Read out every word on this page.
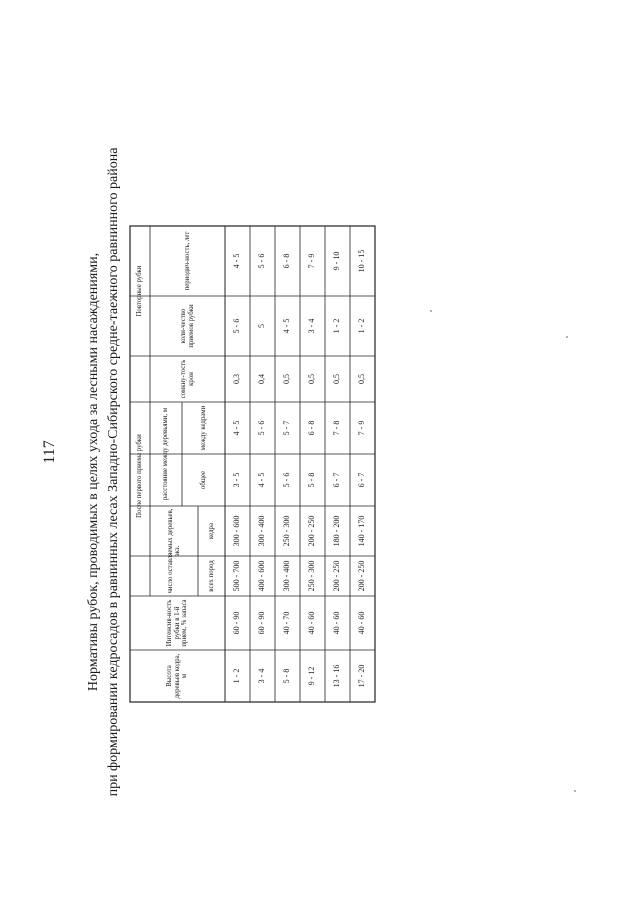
117 Нормативы рубок, проводимых в целях ухода за лесными насаждениями, при формировании кедросадов в равнинных лесах Западно-Сибирского средне-таежного равнинного района	Высота деревьев кедра, м
Интенсив-ность рубки в 1-й прием, % запаса
После первого приема рубки
число оставляемых деревьев, экз.
всех пород
кедра
расстояние между деревьями, м	общее
между кедрами
сомкну-тость крон
Повторные рубки
коли-чество приемов рубки
периодич-ность, лет
1 - 2
60 - 90
500 - 700
300 - 600
3 - 5
4 - 5
0,3
5 - 6
4 - 5
3 - 4
60 - 90
400 - 600
300 - 400
4 - 5
5 - 6
0,4
5
5 - 6
5 - 8
40 - 70
300 - 400
250 - 300
5 - 6
5 - 7
0,5
4 - 5
6 - 8
9 - 12
40 - 60
250 - 300
200 - 250
5 - 8
6 - 8
0,5
3 - 4
7 - 9
13 - 16
40 - 60
200 - 250
180 - 200
6 - 7
7 - 8
0,5
1 - 2
9 - 10
17 - 20
40 - 60
200 - 250
140 - 170
6 - 7
7 - 9
0,5
1 - 2
10 - 15
